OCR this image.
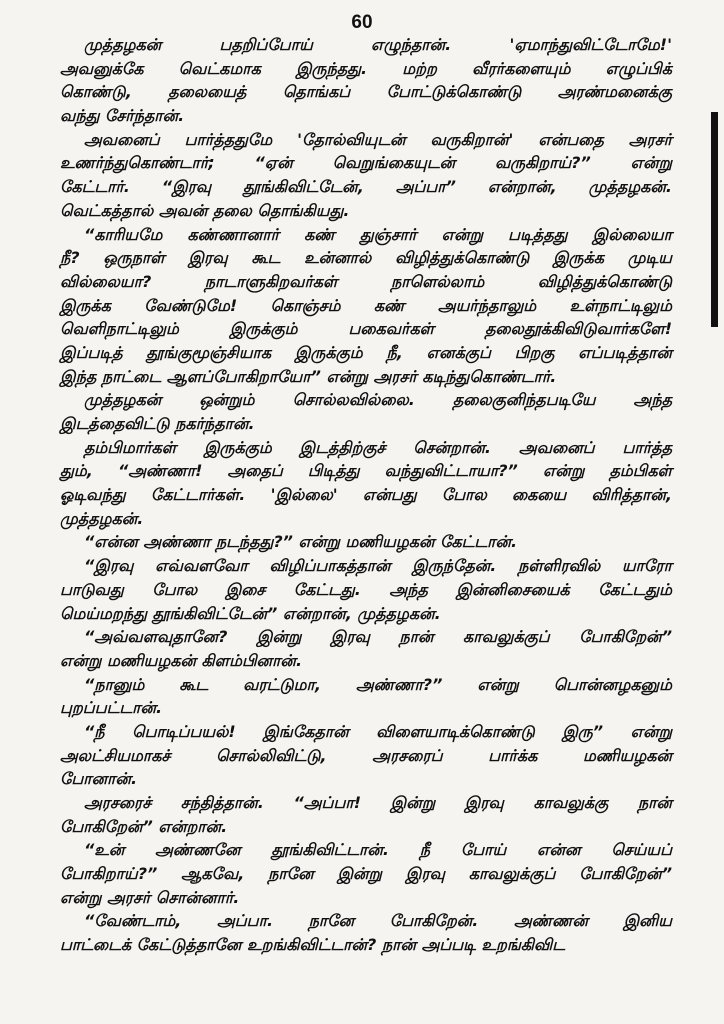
60
முத்தழகன் பதறிப்போய் எழுந்தான். 'ஏமாந்துவிட்டோமே!'
அவனுக்கே வெட்கமாக இருந்தது. மற்ற வீரர்களையும் எழுப்பிக்
கொண்டு, தலையைத் தொங்கப் போட்டுக்கொண்டு அரண்மனைக்கு
வந்து சேர்ந்தான்.
அவனைப் பார்த்ததுமே 'தோல்வியுடன் வருகிறான்' என்பதை அரசர்
உணர்ந்துகொண்டார்; “ஏன் வெறுங்கையுடன் வருகிறாய்?” என்று
கேட்டார். “இரவு தூங்கிவிட்டேன், அப்பா” என்றான், முத்தழகன்.
வெட்கத்தால் அவன் தலை தொங்கியது.
“காரியமே கண்ணானார் கண் துஞ்சார் என்று படித்தது இல்லையா
நீ? ஒருநாள் இரவு கூட உன்னால் விழித்துக்கொண்டு இருக்க முடிய
வில்லையா? நாடாளுகிறவர்கள் நாளெல்லாம் விழித்துக்கொண்டு
இருக்க வேண்டுமே! கொஞ்சம் கண் அயர்ந்தாலும் உள்நாட்டிலும்
வெளிநாட்டிலும் இருக்கும் பகைவர்கள் தலைதூக்கிவிடுவார்களே!
இப்படித் தூங்குமூஞ்சியாக இருக்கும் நீ, எனக்குப் பிறகு எப்படித்தான்
இந்த நாட்டை ஆளப்போகிறாயோ” என்று அரசர் கடிந்துகொண்டார்.
முத்தழகன் ஒன்றும் சொல்லவில்லை. தலைகுனிந்தபடியே அந்த
இடத்தைவிட்டு நகர்ந்தான்.
தம்பிமார்கள் இருக்கும் இடத்திற்குச் சென்றான். அவனைப் பார்த்த
தும், “அண்ணா! அதைப் பிடித்து வந்துவிட்டாயா?” என்று தம்பிகள்
ஓடிவந்து கேட்டார்கள். 'இல்லை' என்பது போல கையை விரித்தான்,
முத்தழகன்.
“என்ன அண்ணா நடந்தது?” என்று மணியழகன் கேட்டான்.
“இரவு எவ்வளவோ விழிப்பாகத்தான் இருந்தேன். நள்ளிரவில் யாரோ
பாடுவது போல இசை கேட்டது. அந்த இன்னிசையைக் கேட்டதும்
மெய்மறந்து தூங்கிவிட்டேன்” என்றான், முத்தழகன்.
“அவ்வளவுதானே? இன்று இரவு நான் காவலுக்குப் போகிறேன்”
என்று மணியழகன் கிளம்பினான்.
“நானும் கூட வரட்டுமா, அண்ணா?” என்று பொன்னழகனும்
புறப்பட்டான்.
“நீ பொடிப்பயல்! இங்கேதான் விளையாடிக்கொண்டு இரு” என்று
அலட்சியமாகச் சொல்லிவிட்டு, அரசரைப் பார்க்க மணியழகன்
போனான்.
அரசரைச் சந்தித்தான். “அப்பா! இன்று இரவு காவலுக்கு நான்
போகிறேன்” என்றான்.
“உன் அண்ணனே தூங்கிவிட்டான். நீ போய் என்ன செய்யப்
போகிறாய்?” ஆகவே, நானே இன்று இரவு காவலுக்குப் போகிறேன்”
என்று அரசர் சொன்னார்.
“வேண்டாம், அப்பா. நானே போகிறேன். அண்ணன் இனிய
பாட்டைக் கேட்டுத்தானே உறங்கிவிட்டான்? நான் அப்படி உறங்கிவிட
